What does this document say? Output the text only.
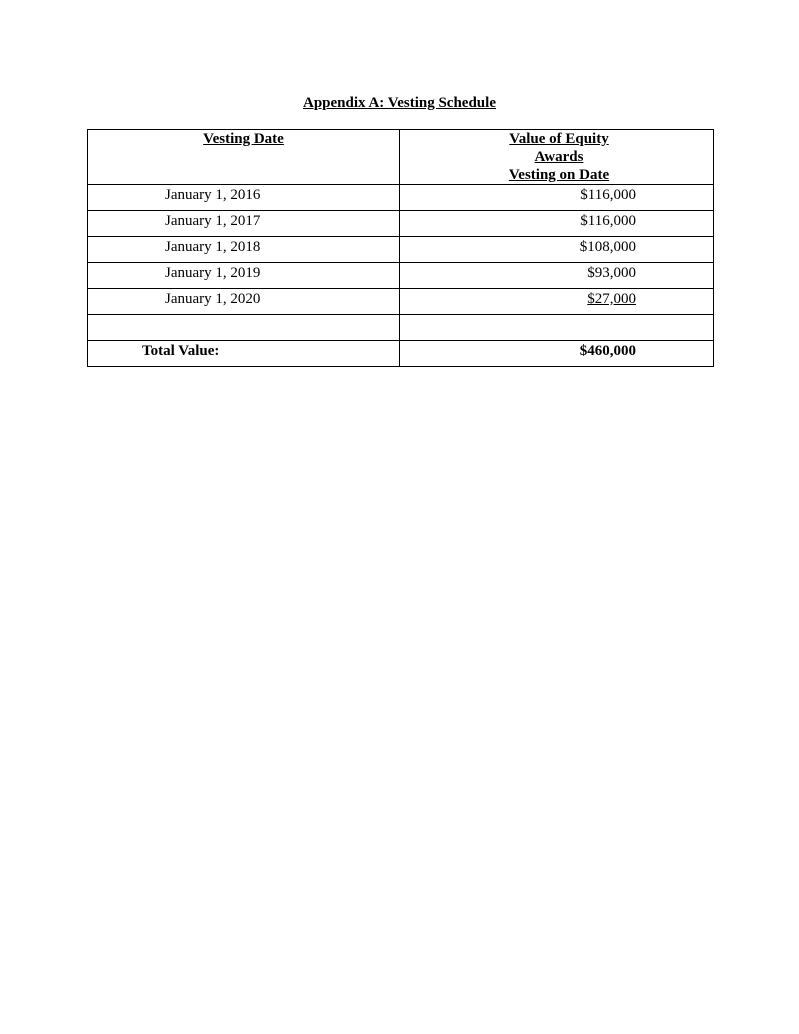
Appendix A: Vesting Schedule
Vesting Date	Value of Equity Awards
Vesting on Date

January 1, 2016	$116,000
January 1, 2017	$116,000
January 1, 2018	$108,000
January 1, 2019	$93,000
January 1, 2020	$27,000

Total Value:	$460,000
